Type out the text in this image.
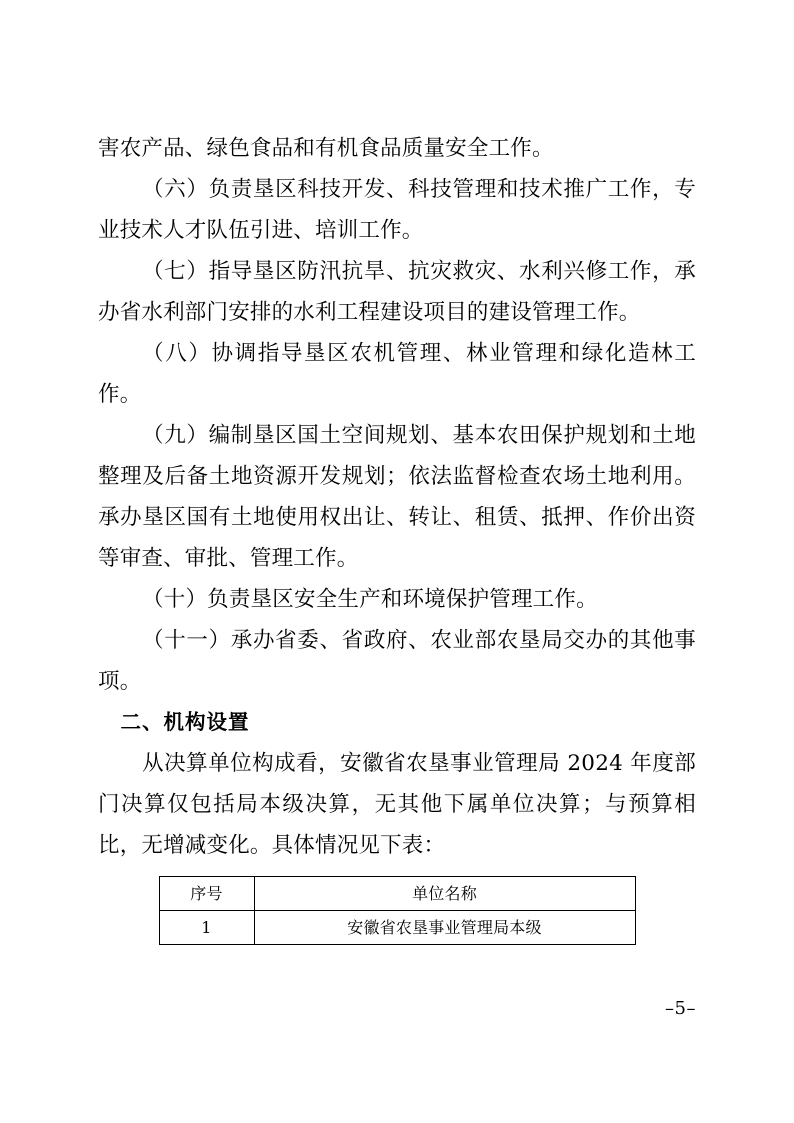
害农产品、绿色食品和有机食品质量安全工作。

（六）负责垦区科技开发、科技管理和技术推广工作，专业技术人才队伍引进、培训工作。

（七）指导垦区防汛抗旱、抗灾救灾、水利兴修工作，承办省水利部门安排的水利工程建设项目的建设管理工作。

（八）协调指导垦区农机管理、林业管理和绿化造林工作。

（九）编制垦区国土空间规划、基本农田保护规划和土地整理及后备土地资源开发规划；依法监督检查农场土地利用。承办垦区国有土地使用权出让、转让、租赁、抵押、作价出资等审查、审批、管理工作。

（十）负责垦区安全生产和环境保护管理工作。

（十一）承办省委、省政府、农业部农垦局交办的其他事项。

二、机构设置

从决算单位构成看，安徽省农垦事业管理局 2024 年度部门决算仅包括局本级决算，无其他下属单位决算；与预算相比，无增减变化。具体情况见下表：

序号	单位名称
1	安徽省农垦事业管理局本级
–5–
